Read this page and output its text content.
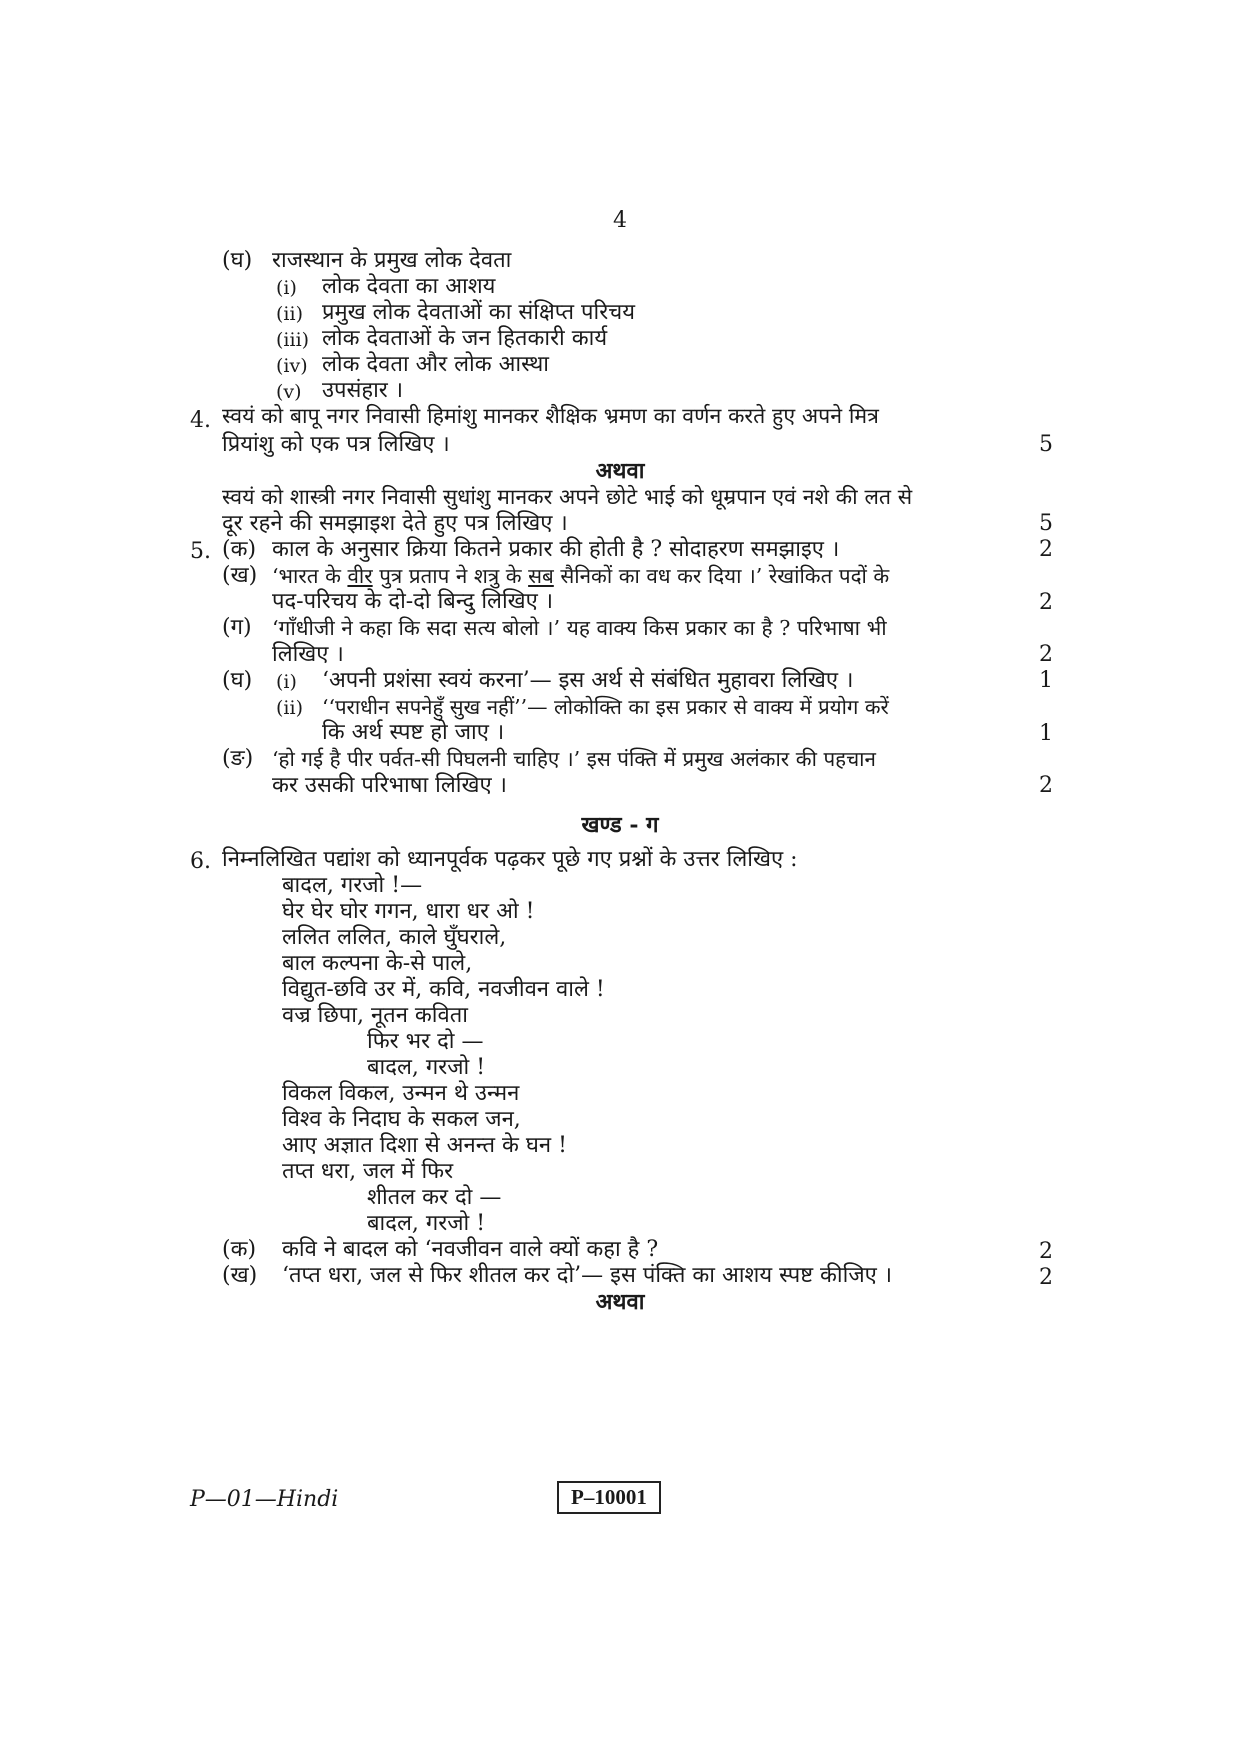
4
(घ) राजस्थान के प्रमुख लोक देवता
(i) लोक देवता का आशय
(ii) प्रमुख लोक देवताओं का संक्षिप्त परिचय
(iii) लोक देवताओं के जन हितकारी कार्य
(iv) लोक देवता और लोक आस्था
(v) उपसंहार ।
4. स्वयं को बापू नगर निवासी हिमांशु मानकर शैक्षिक भ्रमण का वर्णन करते हुए अपने मित्र
प्रियांशु को एक पत्र लिखिए ।	5
अथवा
स्वयं को शास्त्री नगर निवासी सुधांशु मानकर अपने छोटे भाई को धूम्रपान एवं नशे की लत से
दूर रहने की समझाइश देते हुए पत्र लिखिए ।	5
5. (क) काल के अनुसार क्रिया कितने प्रकार की होती है ? सोदाहरण समझाइए ।	2
(ख) ‘भारत के वीर पुत्र प्रताप ने शत्रु के सब सैनिकों का वध कर दिया ।’ रेखांकित पदों के
पद-परिचय के दो-दो बिन्दु लिखिए ।	2
(ग) ‘गाँधीजी ने कहा कि सदा सत्य बोलो ।’ यह वाक्य किस प्रकार का है ? परिभाषा भी
लिखिए ।	2
(घ) (i) ‘अपनी प्रशंसा स्वयं करना’— इस अर्थ से संबंधित मुहावरा लिखिए ।	1
(ii) ‘‘पराधीन सपनेहुँ सुख नहीं’’— लोकोक्ति का इस प्रकार से वाक्य में प्रयोग करें
कि अर्थ स्पष्ट हो जाए ।	1
(ङ) ‘हो गई है पीर पर्वत-सी पिघलनी चाहिए ।’ इस पंक्ति में प्रमुख अलंकार की पहचान
कर उसकी परिभाषा लिखिए ।	2
खण्ड - ग
6. निम्नलिखित पद्यांश को ध्यानपूर्वक पढ़कर पूछे गए प्रश्नों के उत्तर लिखिए :
बादल, गरजो !—
घेर घेर घोर गगन, धारा धर ओ !
ललित ललित, काले घुँघराले,
बाल कल्पना के-से पाले,
विद्युत-छवि उर में, कवि, नवजीवन वाले !
वज्र छिपा, नूतन कविता
फिर भर दो —
बादल, गरजो !
विकल विकल, उन्मन थे उन्मन
विश्व के निदाघ के सकल जन,
आए अज्ञात दिशा से अनन्त के घन !
तप्त धरा, जल में फिर
शीतल कर दो —
बादल, गरजो !
(क) कवि ने बादल को ‘नवजीवन वाले क्यों कहा है ?	2
(ख) ‘तप्त धरा, जल से फिर शीतल कर दो’— इस पंक्ति का आशय स्पष्ट कीजिए ।	2
अथवा
P—01—Hindi	P–10001
